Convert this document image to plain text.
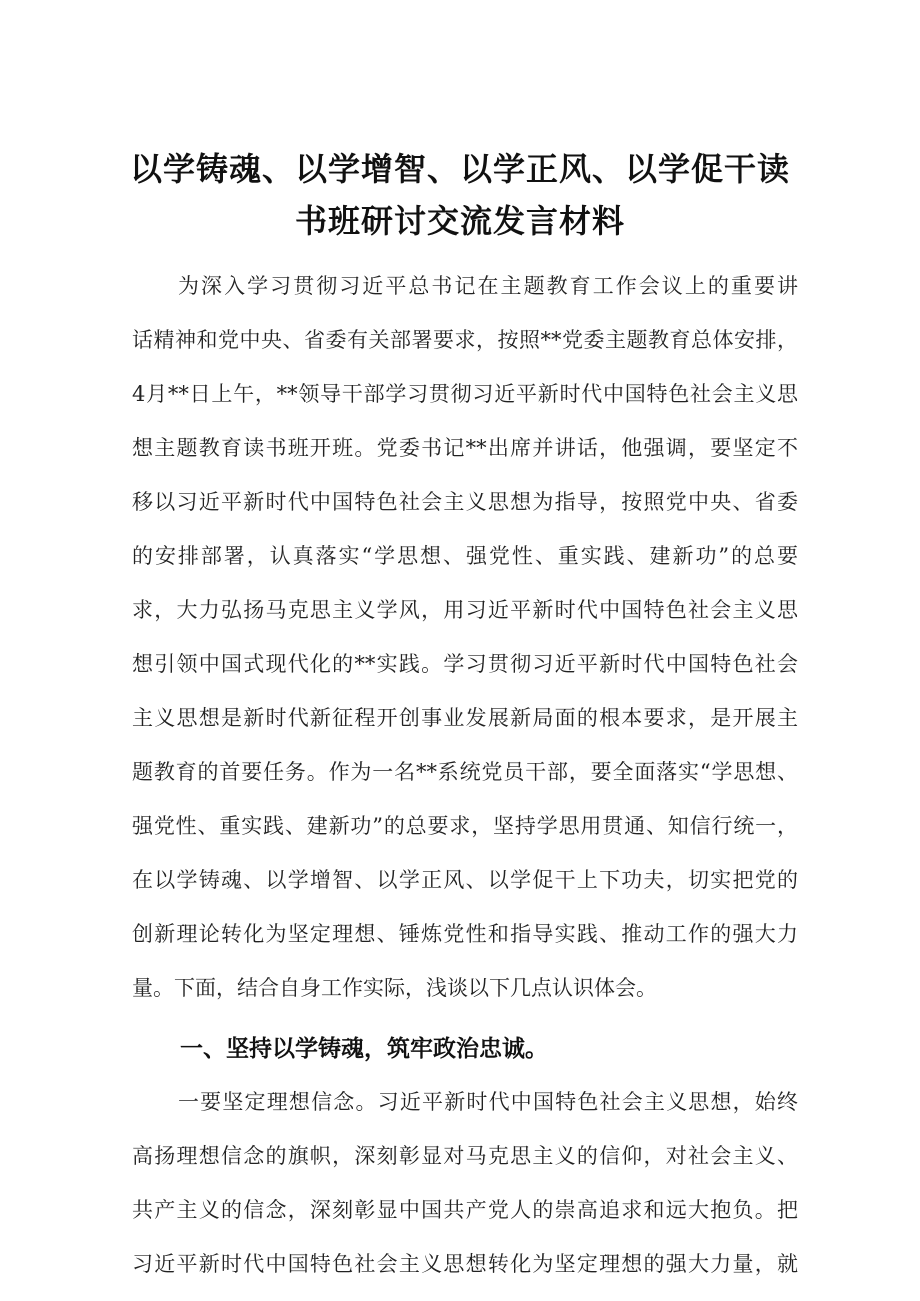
以学铸魂、以学增智、以学正风、以学促干读
书班研讨交流发言材料
为深入学习贯彻习近平总书记在主题教育工作会议上的重要讲
话精神和党中央、省委有关部署要求，按照**党委主题教育总体安排，
4月**日上午，**领导干部学习贯彻习近平新时代中国特色社会主义思
想主题教育读书班开班。党委书记**出席并讲话，他强调，要坚定不
移以习近平新时代中国特色社会主义思想为指导，按照党中央、省委
的安排部署，认真落实“学思想、强党性、重实践、建新功”的总要
求，大力弘扬马克思主义学风，用习近平新时代中国特色社会主义思
想引领中国式现代化的**实践。学习贯彻习近平新时代中国特色社会
主义思想是新时代新征程开创事业发展新局面的根本要求，是开展主
题教育的首要任务。作为一名**系统党员干部，要全面落实“学思想、
强党性、重实践、建新功”的总要求，坚持学思用贯通、知信行统一，
在以学铸魂、以学增智、以学正风、以学促干上下功夫，切实把党的
创新理论转化为坚定理想、锤炼党性和指导实践、推动工作的强大力
量。下面，结合自身工作实际，浅谈以下几点认识体会。
一、坚持以学铸魂，筑牢政治忠诚。
一要坚定理想信念。习近平新时代中国特色社会主义思想，始终
高扬理想信念的旗帜，深刻彰显对马克思主义的信仰，对社会主义、
共产主义的信念，深刻彰显中国共产党人的崇高追求和远大抱负。把
习近平新时代中国特色社会主义思想转化为坚定理想的强大力量，就
